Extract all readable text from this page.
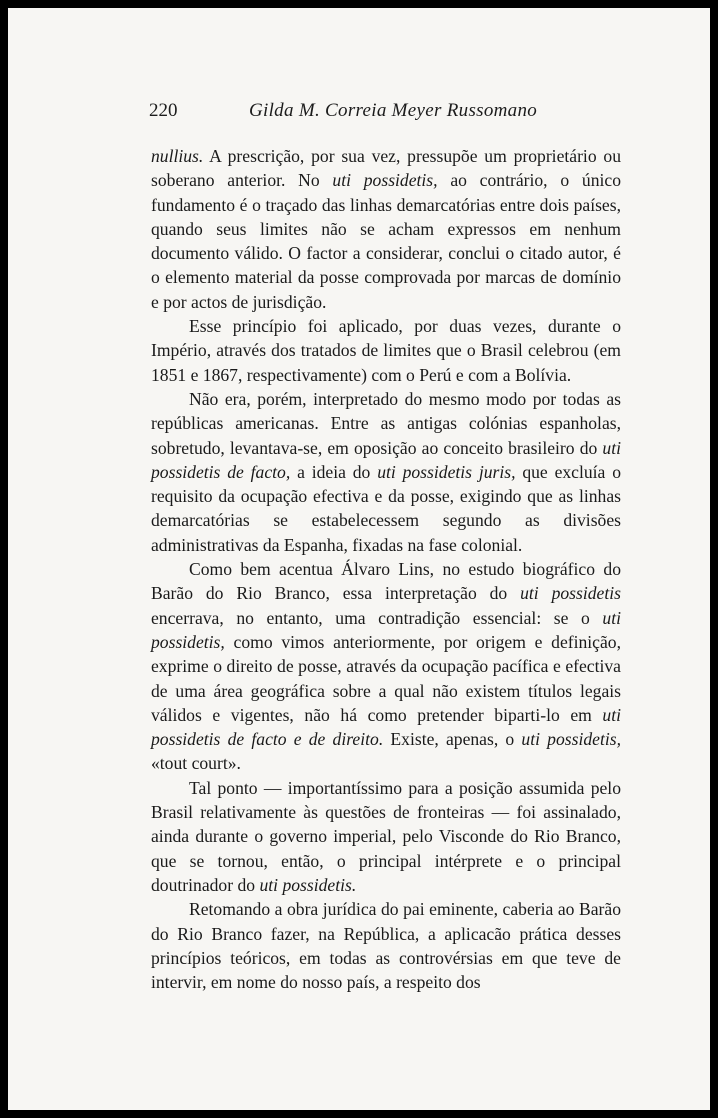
220	Gilda M. Correia Meyer Russomano

nullius. A prescrição, por sua vez, pressupõe um proprietário ou soberano anterior. No uti possidetis, ao contrário, o único fundamento é o traçado das linhas demarcatórias entre dois países, quando seus limites não se acham expressos em nenhum documento válido. O factor a considerar, conclui o citado autor, é o elemento material da posse comprovada por marcas de domínio e por actos de jurisdição.

Esse princípio foi aplicado, por duas vezes, durante o Império, através dos tratados de limites que o Brasil celebrou (em 1851 e 1867, respectivamente) com o Perú e com a Bolívia.

Não era, porém, interpretado do mesmo modo por todas as repúblicas americanas. Entre as antigas colónias espanholas, sobretudo, levantava-se, em oposição ao conceito brasileiro do uti possidetis de facto, a ideia do uti possidetis juris, que excluía o requisito da ocupação efectiva e da posse, exigindo que as linhas demarcatórias se estabelecessem segundo as divisões administrativas da Espanha, fixadas na fase colonial.

Como bem acentua Álvaro Lins, no estudo biográfico do Barão do Rio Branco, essa interpretação do uti possidetis encerrava, no entanto, uma contradição essencial: se o uti possidetis, como vimos anteriormente, por origem e definição, exprime o direito de posse, através da ocupação pacífica e efectiva de uma área geográfica sobre a qual não existem títulos legais válidos e vigentes, não há como pretender biparti-lo em uti possidetis de facto e de direito. Existe, apenas, o uti possidetis, «tout court».

Tal ponto — importantíssimo para a posição assumida pelo Brasil relativamente às questões de fronteiras — foi assinalado, ainda durante o governo imperial, pelo Visconde do Rio Branco, que se tornou, então, o principal intérprete e o principal doutrinador do uti possidetis.

Retomando a obra jurídica do pai eminente, caberia ao Barão do Rio Branco fazer, na República, a aplicacão prática desses princípios teóricos, em todas as controvérsias em que teve de intervir, em nome do nosso país, a respeito dos
